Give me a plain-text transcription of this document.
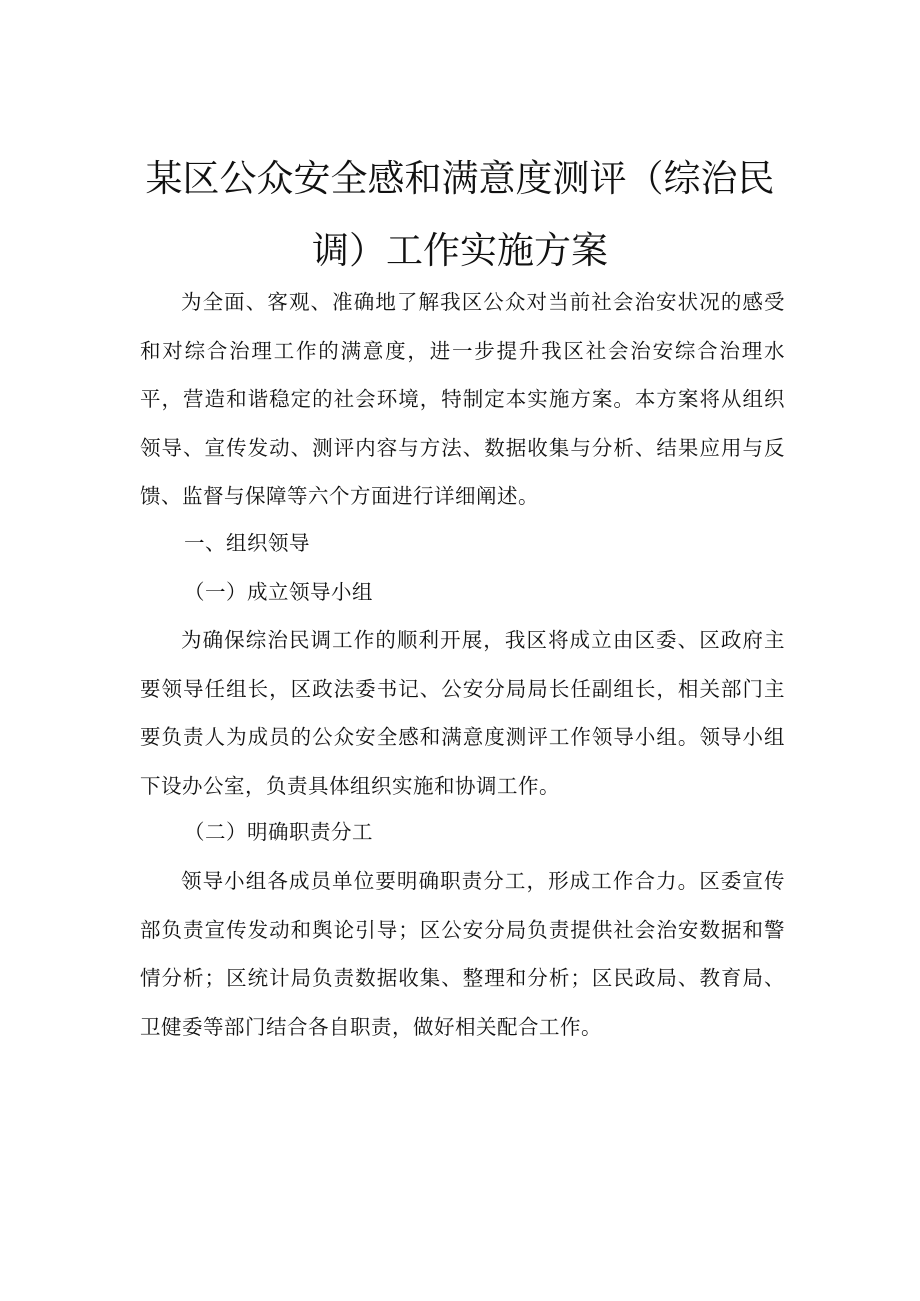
某区公众安全感和满意度测评（综治民
调）工作实施方案

为全面、客观、准确地了解我区公众对当前社会治安状况的感受和对综合治理工作的满意度，进一步提升我区社会治安综合治理水平，营造和谐稳定的社会环境，特制定本实施方案。本方案将从组织领导、宣传发动、测评内容与方法、数据收集与分析、结果应用与反馈、监督与保障等六个方面进行详细阐述。

一、组织领导

（一）成立领导小组

为确保综治民调工作的顺利开展，我区将成立由区委、区政府主要领导任组长，区政法委书记、公安分局局长任副组长，相关部门主要负责人为成员的公众安全感和满意度测评工作领导小组。领导小组下设办公室，负责具体组织实施和协调工作。

（二）明确职责分工

领导小组各成员单位要明确职责分工，形成工作合力。区委宣传部负责宣传发动和舆论引导；区公安分局负责提供社会治安数据和警情分析；区统计局负责数据收集、整理和分析；区民政局、教育局、卫健委等部门结合各自职责，做好相关配合工作。
